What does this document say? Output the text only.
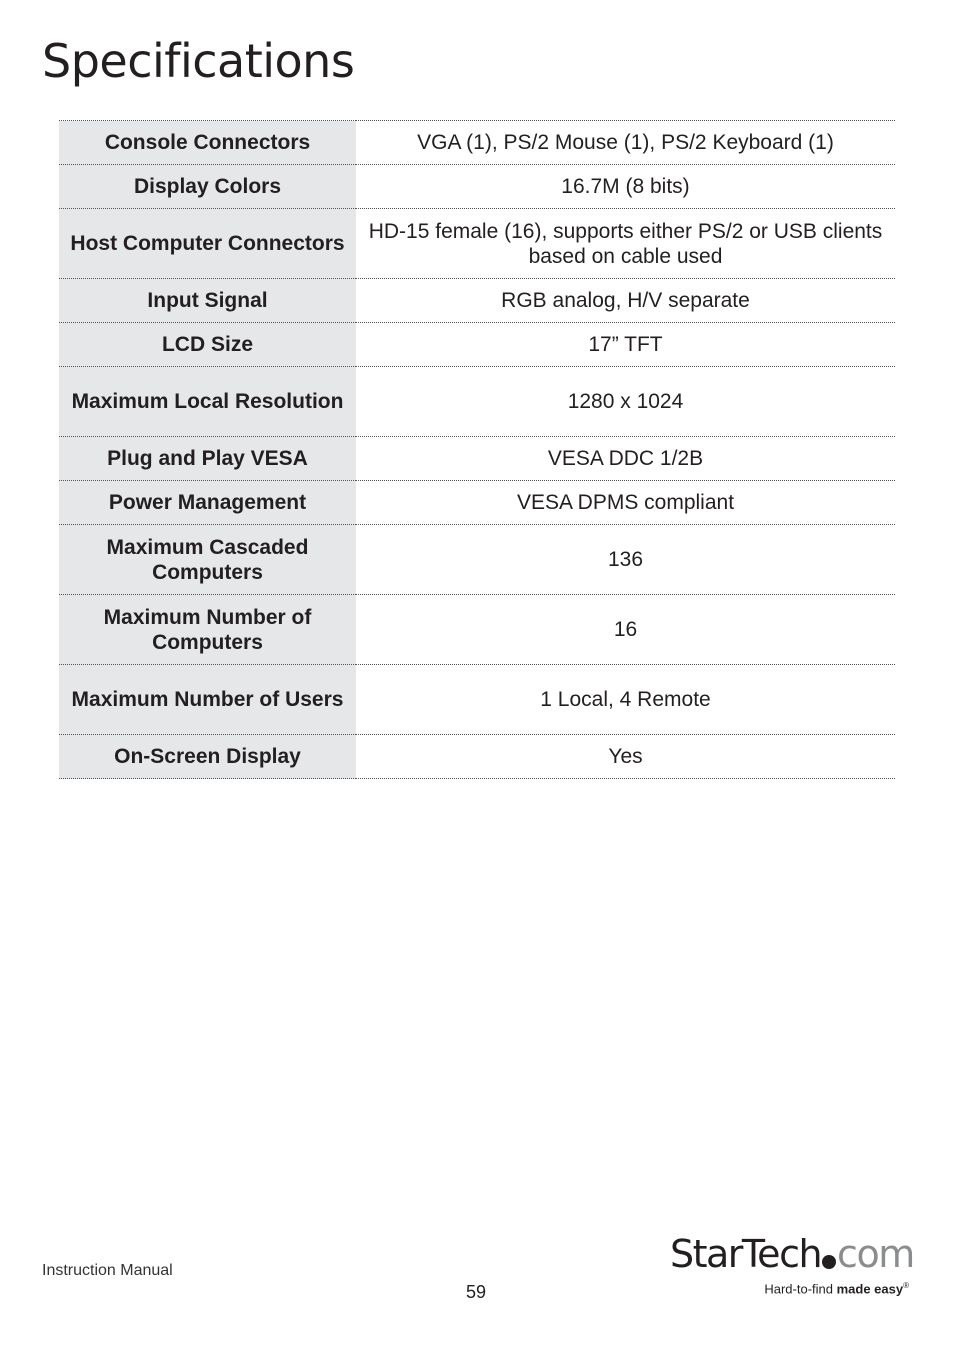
Specifications
Console Connectors	VGA (1), PS/2 Mouse (1), PS/2 Keyboard (1)
Display Colors	16.7M (8 bits)
Host Computer Connectors	HD-15 female (16), supports either PS/2 or USB clients based on cable used
Input Signal	RGB analog, H/V separate
LCD Size	17” TFT
Maximum Local Resolution	1280 x 1024
Plug and Play VESA	VESA DDC 1/2B
Power Management	VESA DPMS compliant
Maximum Cascaded Computers	136
Maximum Number of Computers	16
Maximum Number of Users	1 Local, 4 Remote
On-Screen Display	Yes
Instruction Manual
59
StarTech com
Hard-to-find made easy®
